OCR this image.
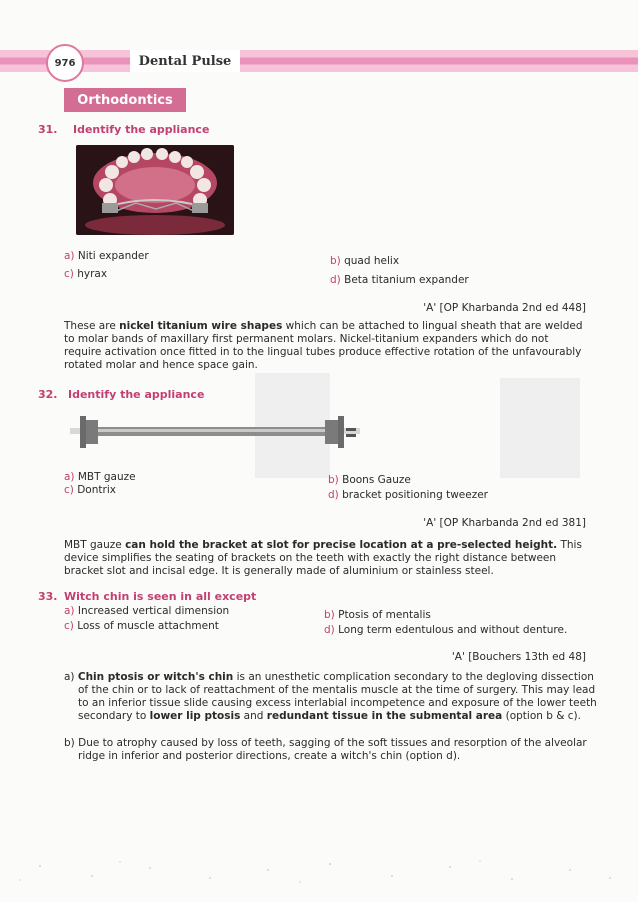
976	Dental Pulse
Orthodontics
31. Identify the appliance
a) Niti expander	b) quad helix
c) hyrax	d) Beta titanium expander
'A' [OP Kharbanda 2nd ed 448]
These are nickel titanium wire shapes which can be attached to lingual sheath that are welded to molar bands of maxillary first permanent molars. Nickel-titanium expanders which do not require activation once fitted in to the lingual tubes produce effective rotation of the unfavourably rotated molar and hence space gain.
32. Identify the appliance
a) MBT gauze	b) Boons Gauze
c) Dontrix	d) bracket positioning tweezer
'A' [OP Kharbanda 2nd ed 381]
MBT gauze can hold the bracket at slot for precise location at a pre-selected height. This device simplifies the seating of brackets on the teeth with exactly the right distance between bracket slot and incisal edge. It is generally made of aluminium or stainless steel.
33. Witch chin is seen in all except
a) Increased vertical dimension	b) Ptosis of mentalis
c) Loss of muscle attachment	d) Long term edentulous and without denture.
'A' [Bouchers 13th ed 48]
a) Chin ptosis or witch's chin is an unesthetic complication secondary to the degloving dissection of the chin or to lack of reattachment of the mentalis muscle at the time of surgery. This may lead to an inferior tissue slide causing excess interlabial incompetence and exposure of the lower teeth secondary to lower lip ptosis and redundant tissue in the submental area (option b & c).
b) Due to atrophy caused by loss of teeth, sagging of the soft tissues and resorption of the alveolar ridge in inferior and posterior directions, create a witch's chin (option d).
